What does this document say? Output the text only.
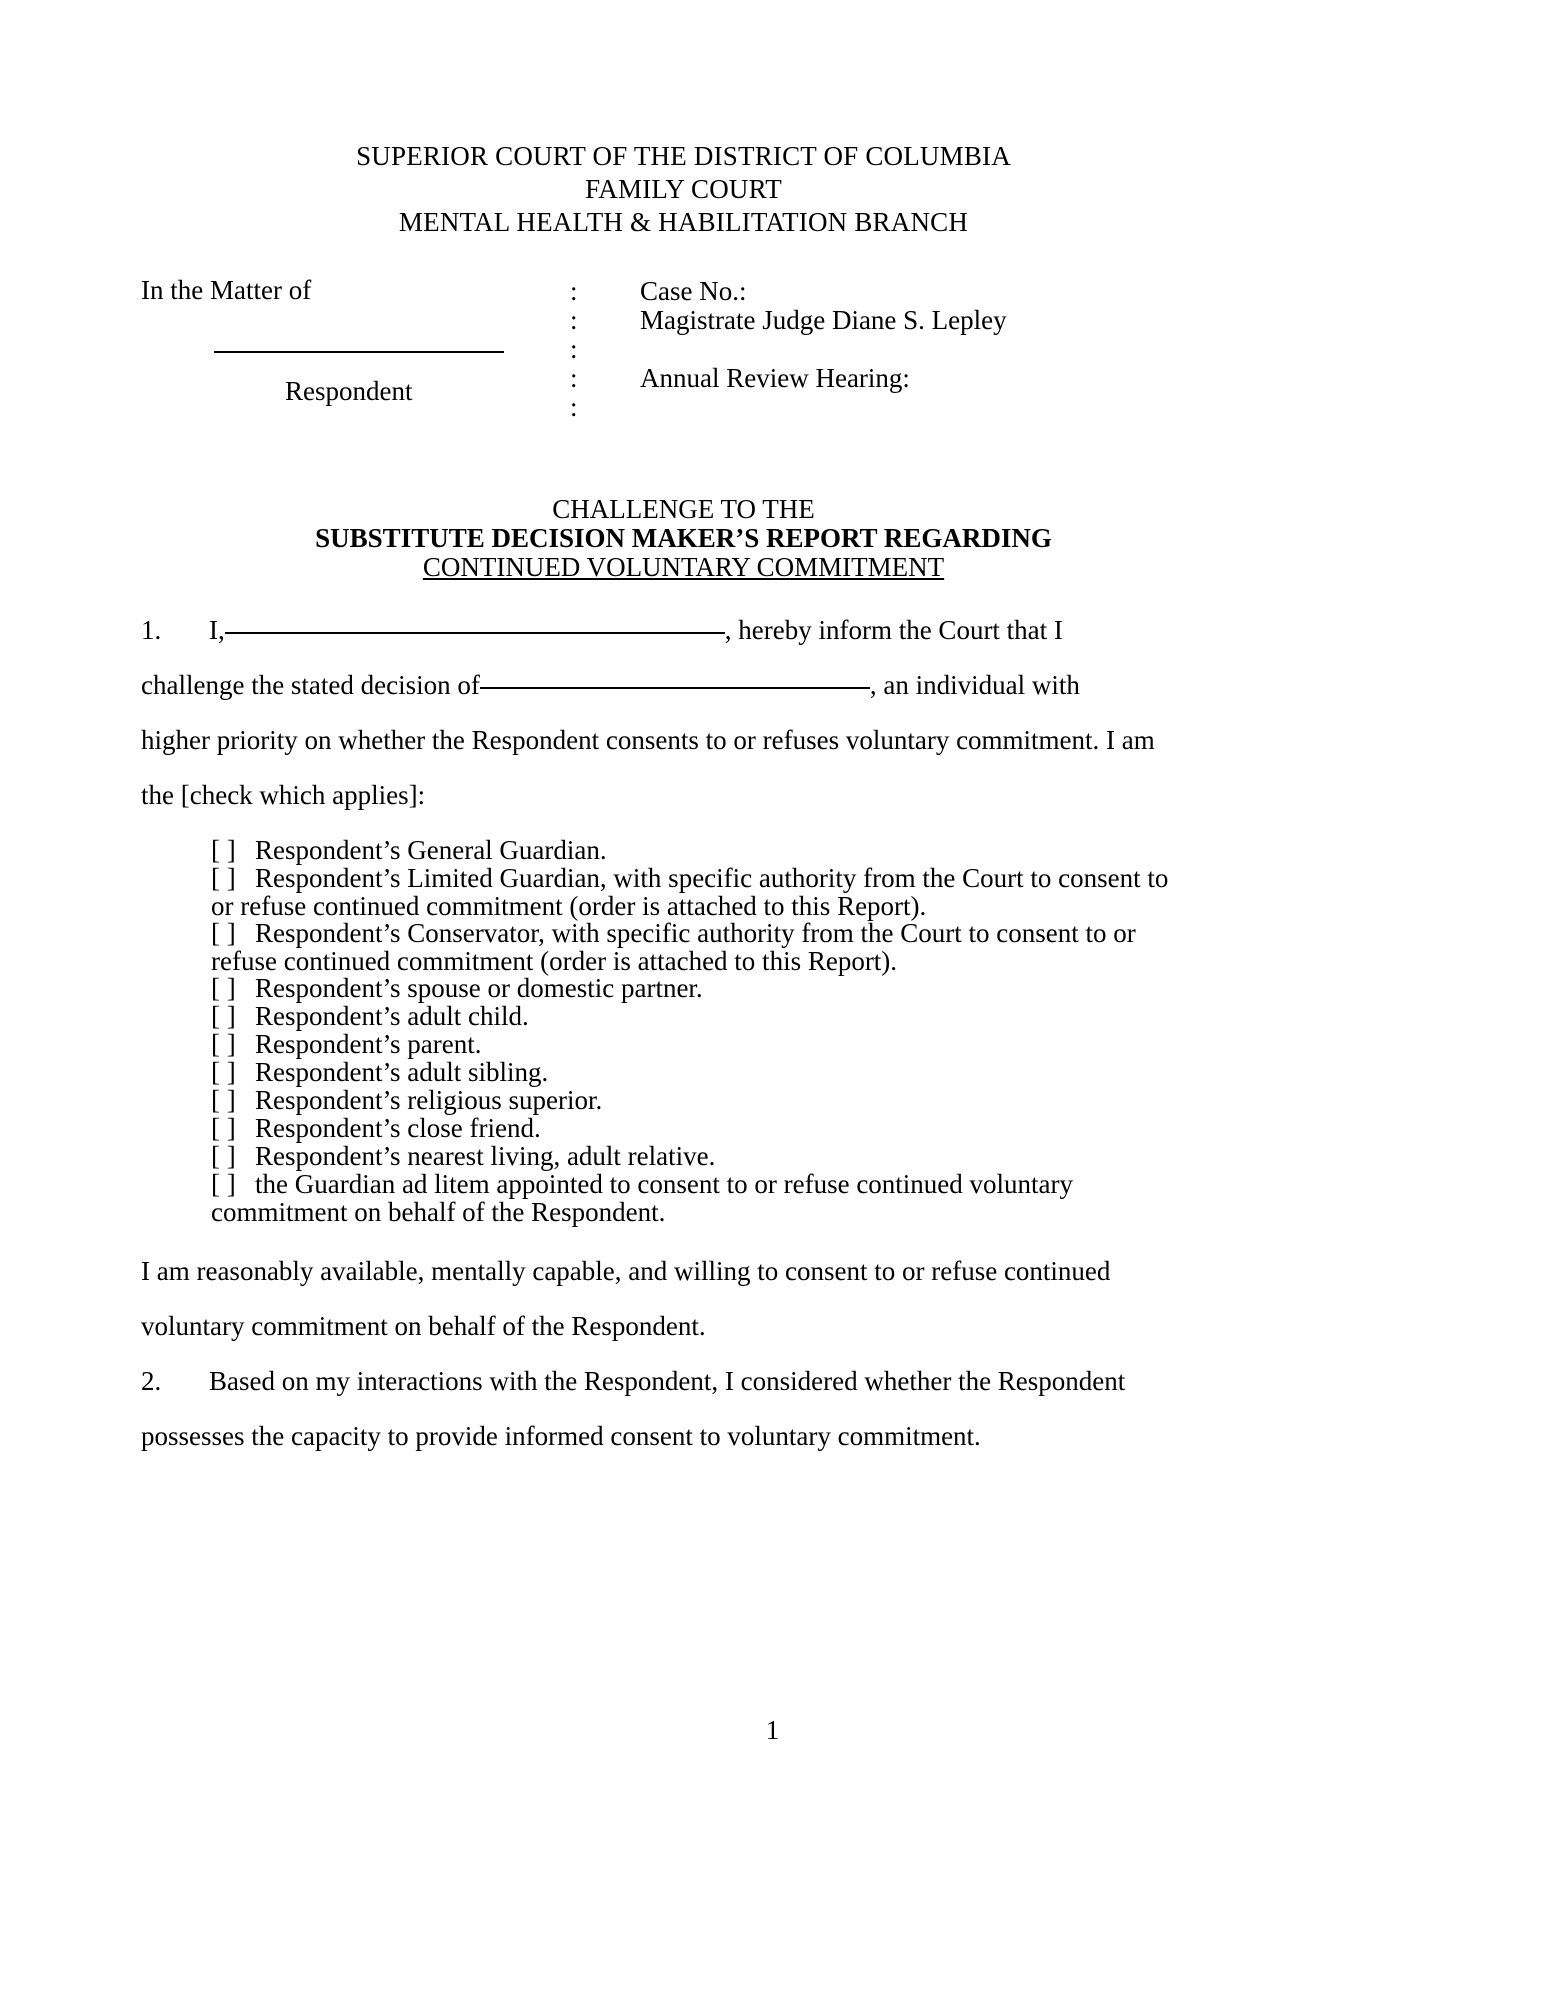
SUPERIOR COURT OF THE DISTRICT OF COLUMBIA
FAMILY COURT
MENTAL HEALTH & HABILITATION BRANCH
In the Matter of
Respondent
:
:
:
:
:
Case No.:
Magistrate Judge Diane S. Lepley
Annual Review Hearing:
CHALLENGE TO THE
SUBSTITUTE DECISION MAKER’S REPORT REGARDING
CONTINUED VOLUNTARY COMMITMENT
1. I,	, hereby inform the Court that I
challenge the stated decision of	, an individual with
higher priority on whether the Respondent consents to or refuses voluntary commitment. I am
the [check which applies]:
[ ] Respondent’s General Guardian.
[ ] Respondent’s Limited Guardian, with specific authority from the Court to consent to
or refuse continued commitment (order is attached to this Report).
[ ] Respondent’s Conservator, with specific authority from the Court to consent to or
refuse continued commitment (order is attached to this Report).
[ ] Respondent’s spouse or domestic partner.
[ ] Respondent’s adult child.
[ ] Respondent’s parent.
[ ] Respondent’s adult sibling.
[ ] Respondent’s religious superior.
[ ] Respondent’s close friend.
[ ] Respondent’s nearest living, adult relative.
[ ] the Guardian ad litem appointed to consent to or refuse continued voluntary
commitment on behalf of the Respondent.
I am reasonably available, mentally capable, and willing to consent to or refuse continued
voluntary commitment on behalf of the Respondent.
2. Based on my interactions with the Respondent, I considered whether the Respondent
possesses the capacity to provide informed consent to voluntary commitment.
1
